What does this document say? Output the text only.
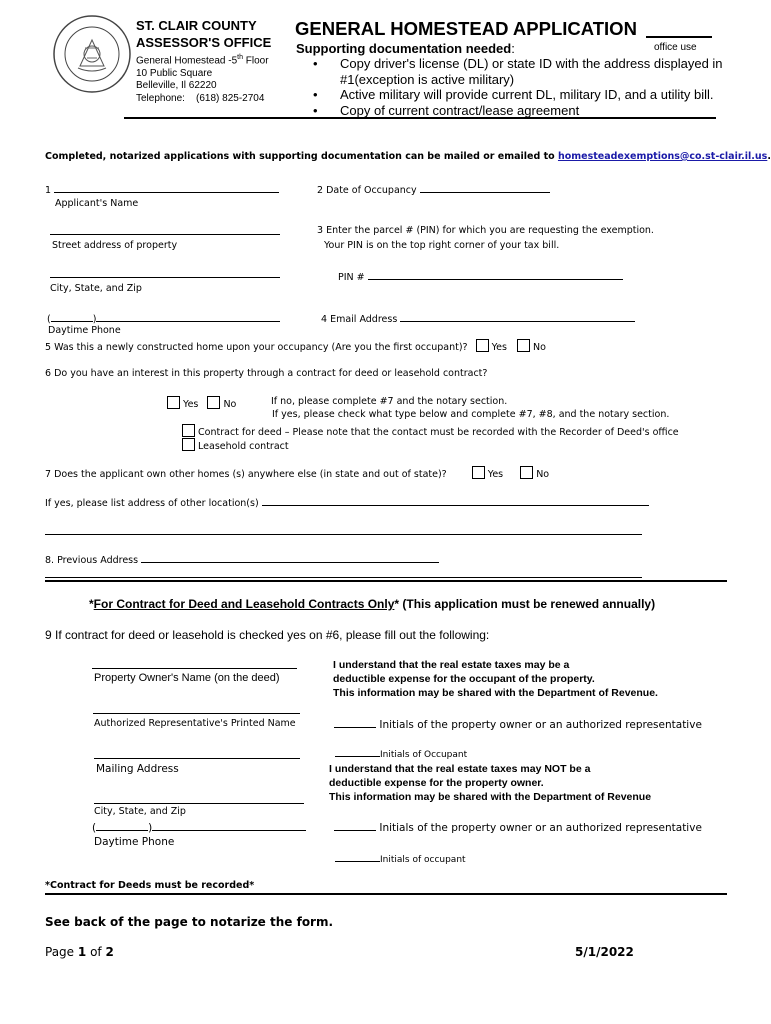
ST. CLAIR COUNTY
ASSESSOR'S OFFICE
General Homestead -5th Floor
10 Public Square
Belleville, Il 62220
Telephone:    (618) 825-2704
GENERAL HOMESTEAD APPLICATION
office use
Supporting documentation needed:
• Copy driver's license (DL) or state ID with the address displayed in
#1(exception is active military)
• Active military will provide current DL, military ID, and a utility bill.
• Copy of current contract/lease agreement
Completed, notarized applications with supporting documentation can be mailed or emailed to homesteadexemptions@co.st-clair.il.us.
1
Applicant's Name
2 Date of Occupancy
Street address of property
3 Enter the parcel # (PIN) for which you are requesting the exemption.
Your PIN is on the top right corner of your tax bill.
City, State, and Zip
PIN #
(	)
Daytime Phone
4 Email Address
5 Was this a newly constructed home upon your occupancy (Are you the first occupant)?	Yes	No
6 Do you have an interest in this property through a contract for deed or leasehold contract?
Yes	No	If no, please complete #7 and the notary section.
If yes, please check what type below and complete #7, #8, and the notary section.
Contract for deed – Please note that the contact must be recorded with the Recorder of Deed's office
Leasehold contract
7 Does the applicant own other homes (s) anywhere else (in state and out of state)?	Yes	No
If yes, please list address of other location(s)
8. Previous Address
*For Contract for Deed and Leasehold Contracts Only* (This application must be renewed annually)
9 If contract for deed or leasehold is checked yes on #6, please fill out the following:
Property Owner's Name (on the deed)
Authorized Representative's Printed Name
Mailing Address
City, State, and Zip
(	)
Daytime Phone
I understand that the real estate taxes may be a
deductible expense for the occupant of the property.
This information may be shared with the Department of Revenue.
Initials of the property owner or an authorized representative
Initials of Occupant
I understand that the real estate taxes may NOT be a
deductible expense for the property owner.
This information may be shared with the Department of Revenue
Initials of the property owner or an authorized representative
Initials of occupant
*Contract for Deeds must be recorded*
See back of the page to notarize the form.
Page 1 of 2	5/1/2022
